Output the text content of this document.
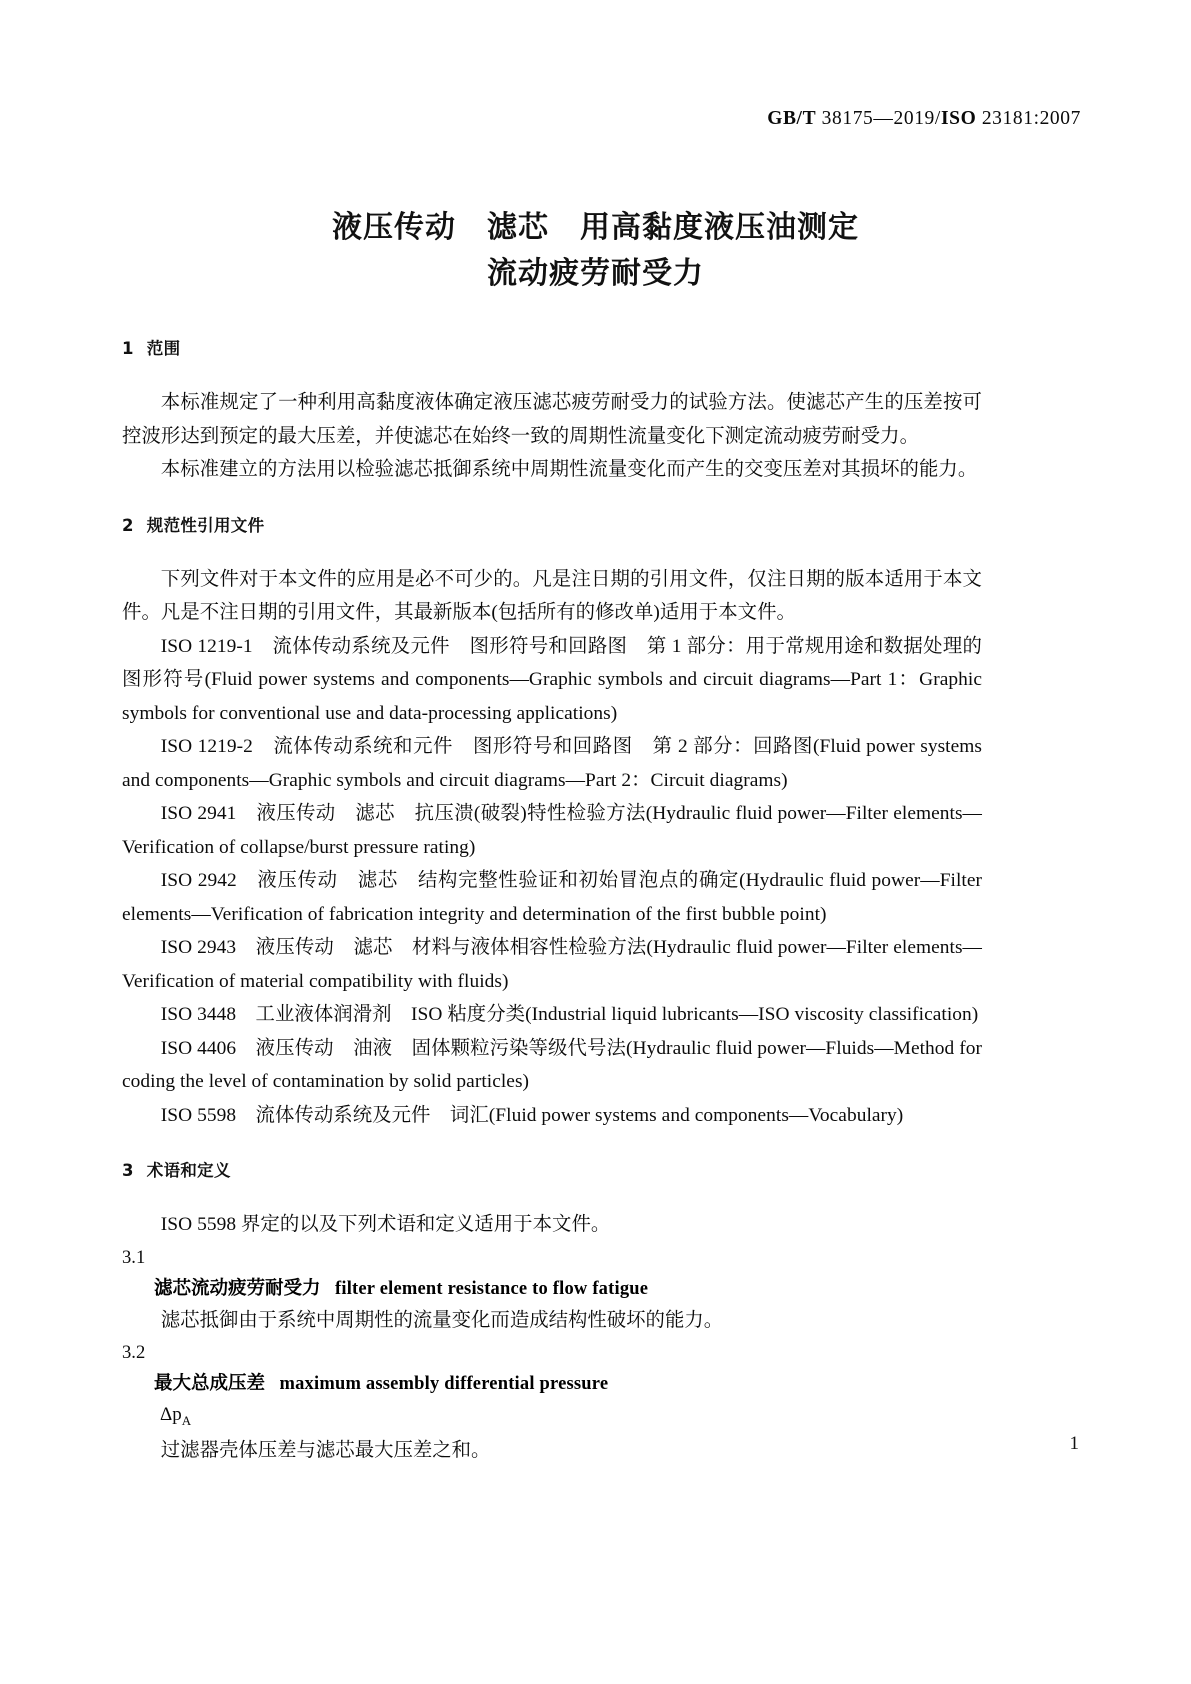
GB/T 38175—2019/ISO 23181:2007
液压传动　滤芯　用高黏度液压油测定
流动疲劳耐受力
1 范围

本标准规定了一种利用高黏度液体确定液压滤芯疲劳耐受力的试验方法。使滤芯产生的压差按可控波形达到预定的最大压差，并使滤芯在始终一致的周期性流量变化下测定流动疲劳耐受力。

本标准建立的方法用以检验滤芯抵御系统中周期性流量变化而产生的交变压差对其损坏的能力。

2 规范性引用文件

下列文件对于本文件的应用是必不可少的。凡是注日期的引用文件，仅注日期的版本适用于本文件。凡是不注日期的引用文件，其最新版本(包括所有的修改单)适用于本文件。

ISO 1219-1　流体传动系统及元件　图形符号和回路图　第 1 部分：用于常规用途和数据处理的图形符号(Fluid power systems and components—Graphic symbols and circuit diagrams—Part 1：Graphic symbols for conventional use and data-processing applications)

ISO 1219-2　流体传动系统和元件　图形符号和回路图　第 2 部分：回路图(Fluid power systems and components—Graphic symbols and circuit diagrams—Part 2：Circuit diagrams)

ISO 2941　液压传动　滤芯　抗压溃(破裂)特性检验方法(Hydraulic fluid power—Filter elements—Verification of collapse/burst pressure rating)

ISO 2942　液压传动　滤芯　结构完整性验证和初始冒泡点的确定(Hydraulic fluid power—Filter elements—Verification of fabrication integrity and determination of the first bubble point)

ISO 2943　液压传动　滤芯　材料与液体相容性检验方法(Hydraulic fluid power—Filter elements—Verification of material compatibility with fluids)

ISO 3448　工业液体润滑剂　ISO 粘度分类(Industrial liquid lubricants—ISO viscosity classification)

ISO 4406　液压传动　油液　固体颗粒污染等级代号法(Hydraulic fluid power—Fluids—Method for coding the level of contamination by solid particles)

ISO 5598　流体传动系统及元件　词汇(Fluid power systems and components—Vocabulary)

3 术语和定义

ISO 5598 界定的以及下列术语和定义适用于本文件。

3.1

滤芯流动疲劳耐受力 filter element resistance to flow fatigue

滤芯抵御由于系统中周期性的流量变化而造成结构性破坏的能力。

3.2

最大总成压差 maximum assembly differential pressure

$\Delta p_A$

过滤器壳体压差与滤芯最大压差之和。	1
